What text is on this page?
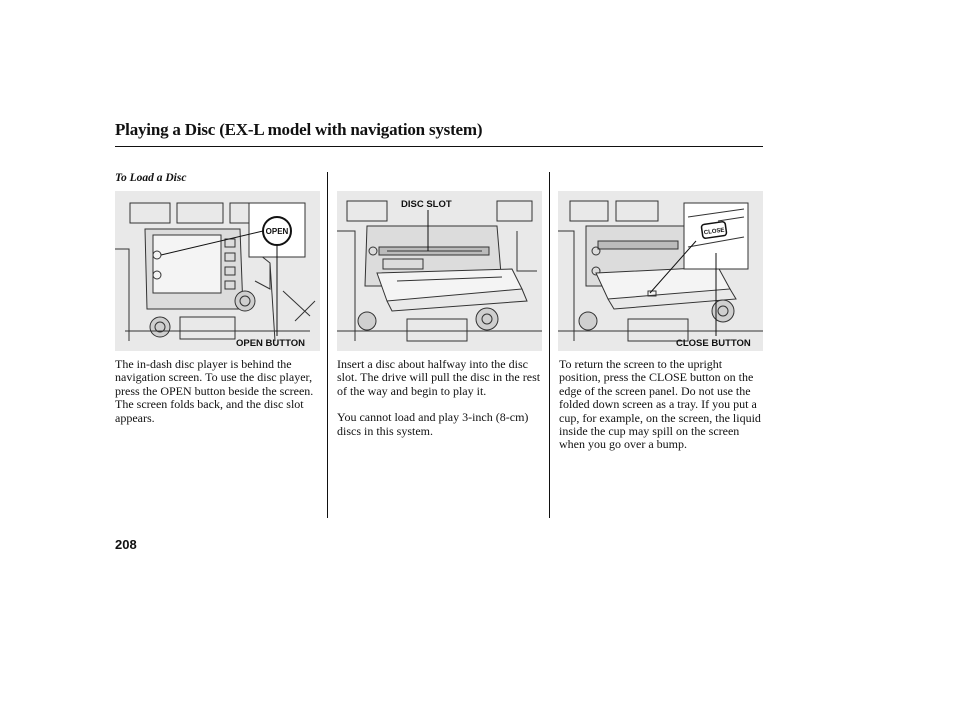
Playing a Disc (EX-L model with navigation system)
To Load a Disc
OPEN
OPEN BUTTON
DISC SLOT
CLOSE
CLOSE BUTTON

The in-dash disc player is behind the navigation screen. To use the disc player, press the OPEN button beside the screen. The screen folds back, and the disc slot appears.

Insert a disc about halfway into the disc slot. The drive will pull the disc in the rest of the way and begin to play it.

You cannot load and play 3-inch (8-cm) discs in this system.

To return the screen to the upright position, press the CLOSE button on the edge of the screen panel. Do not use the folded down screen as a tray. If you put a cup, for example, on the screen, the liquid inside the cup may spill on the screen when you go over a bump.

208
